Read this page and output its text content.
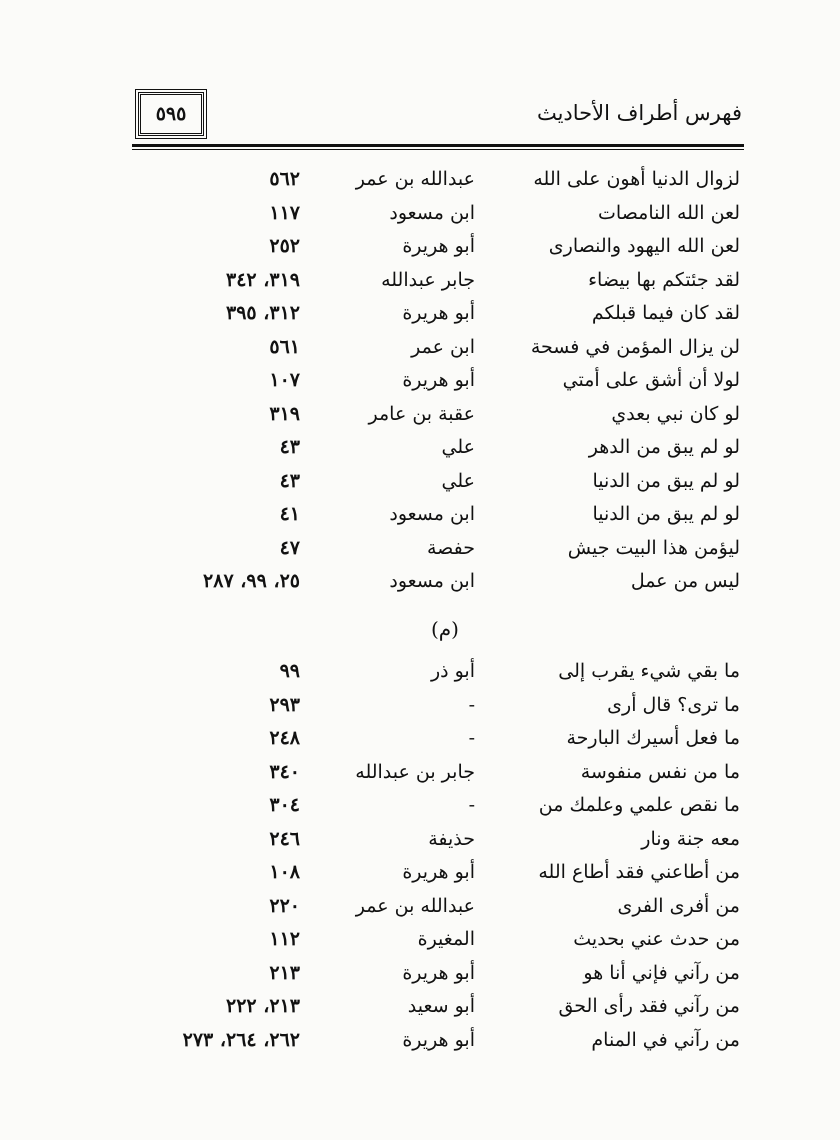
فهرس أطراف الأحاديث
٥٩٥
لزوال الدنيا أهون على الله
عبدالله بن عمر
٥٦٢
لعن الله النامصات
ابن مسعود
١١٧
لعن الله اليهود والنصارى
أبو هريرة
٢٥٢
لقد جئتكم بها بيضاء
جابر عبدالله
٣١٩، ٣٤٢
لقد كان فيما قبلكم
أبو هريرة
٣١٢، ٣٩٥
لن يزال المؤمن في فسحة
ابن عمر
٥٦١
لولا أن أشق على أمتي
أبو هريرة
١٠٧
لو كان نبي بعدي
عقبة بن عامر
٣١٩
لو لم يبق من الدهر
علي
٤٣
لو لم يبق من الدنيا
علي
٤٣
لو لم يبق من الدنيا
ابن مسعود
٤١
ليؤمن هذا البيت جيش
حفصة
٤٧
ليس من عمل
ابن مسعود
٢٥، ٩٩، ٢٨٧
(م)
ما بقي شيء يقرب إلى
أبو ذر
٩٩
ما ترى؟ قال أرى
-
٢٩٣
ما فعل أسيرك البارحة
-
٢٤٨
ما من نفس منفوسة
جابر بن عبدالله
٣٤٠
ما نقص علمي وعلمك من
-
٣٠٤
معه جنة ونار
حذيفة
٢٤٦
من أطاعني فقد أطاع الله
أبو هريرة
١٠٨
من أفرى الفرى
عبدالله بن عمر
٢٢٠
من حدث عني بحديث
المغيرة
١١٢
من رآني فإني أنا هو
أبو هريرة
٢١٣
من رآني فقد رأى الحق
أبو سعيد
٢١٣، ٢٢٢
من رآني في المنام
أبو هريرة
٢٦٢، ٢٦٤، ٢٧٣
